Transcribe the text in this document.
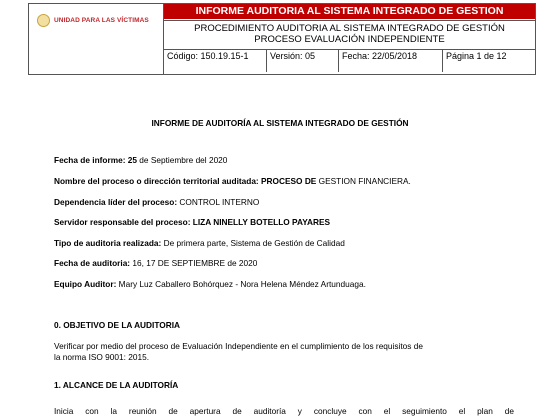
UNIDAD PARA LAS VÍCTIMAS

INFORME AUDITORIA AL SISTEMA INTEGRADO DE GESTION

PROCEDIMIENTO AUDITORIA AL SISTEMA INTEGRADO DE GESTIÓN
PROCESO EVALUACIÓN INDEPENDIENTE

Código: 150.19.15-1	Versión: 05	Fecha: 22/05/2018	Página 1 de 12
INFORME DE AUDITORÍA AL SISTEMA INTEGRADO DE GESTIÓN
Fecha de informe: 25 de Septiembre del 2020
Nombre del proceso o dirección territorial auditada: PROCESO DE GESTION FINANCIERA.
Dependencia líder del proceso: CONTROL INTERNO
Servidor responsable del proceso: LIZA NINELLY BOTELLO PAYARES
Tipo de auditoria realizada: De primera parte, Sistema de Gestión de Calidad
Fecha de auditoria: 16, 17 DE SEPTIEMBRE de 2020
Equipo Auditor: Mary Luz Caballero Bohórquez - Nora Helena Méndez Artunduaga.
0. OBJETIVO DE LA AUDITORIA
Verificar por medio del proceso de Evaluación Independiente en el cumplimiento de los requisitos de
la norma ISO 9001: 2015.
1. ALCANCE DE LA AUDITORÍA
Inicia con la reunión de apertura de auditoría y concluye con el seguimiento el plan de
